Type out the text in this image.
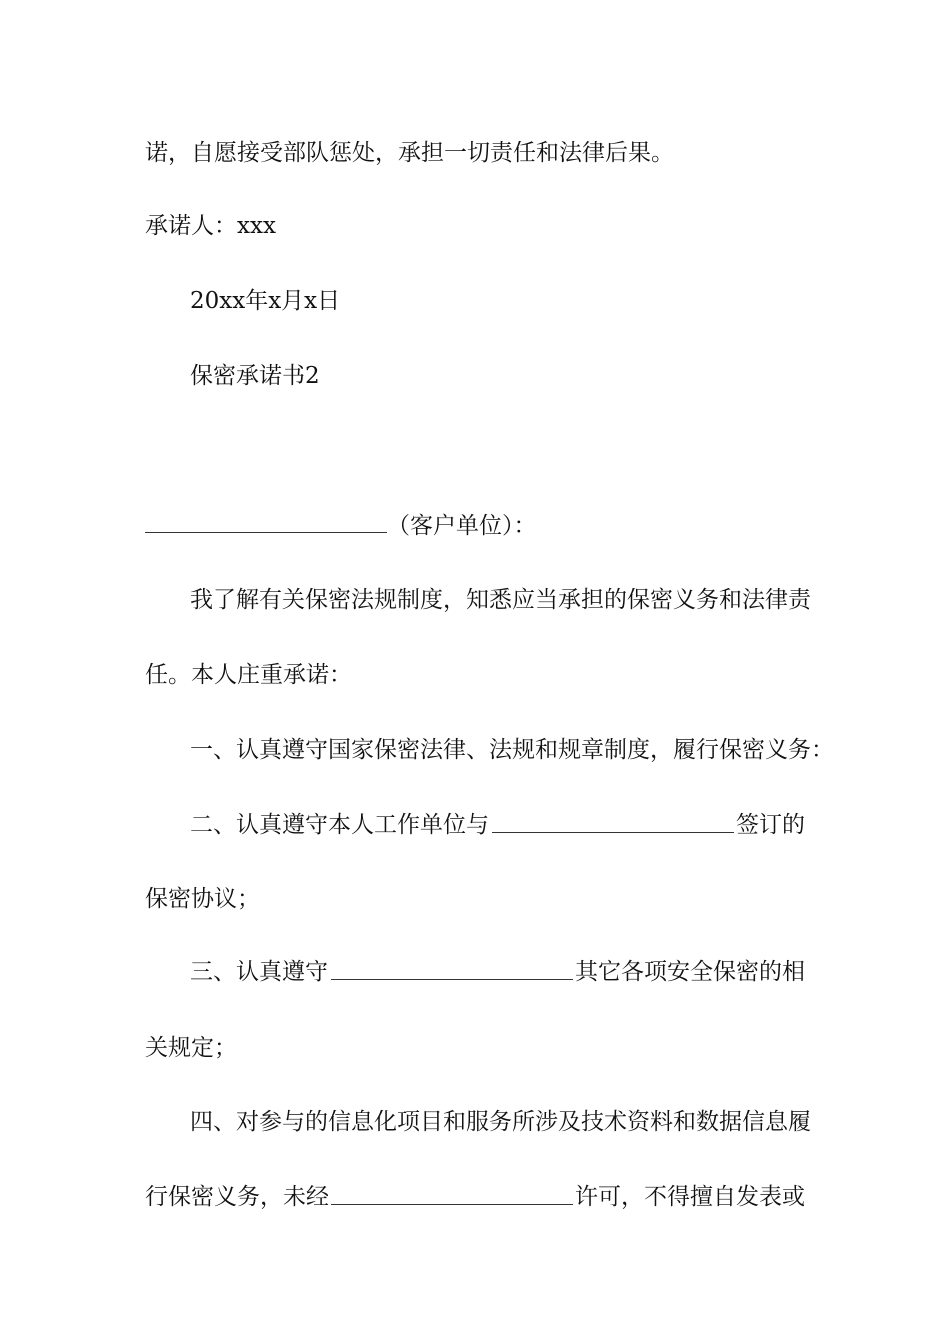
诺，自愿接受部队惩处，承担一切责任和法律后果。
承诺人：xxx
20xx年x月x日
保密承诺书2
（客户单位）：
我了解有关保密法规制度，知悉应当承担的保密义务和法律责
任。本人庄重承诺：
一、认真遵守国家保密法律、法规和规章制度，履行保密义务：
二、认真遵守本人工作单位与	签订的
保密协议；
三、认真遵守	其它各项安全保密的相
关规定；
四、对参与的信息化项目和服务所涉及技术资料和数据信息履
行保密义务，未经	许可，不得擅自发表或
